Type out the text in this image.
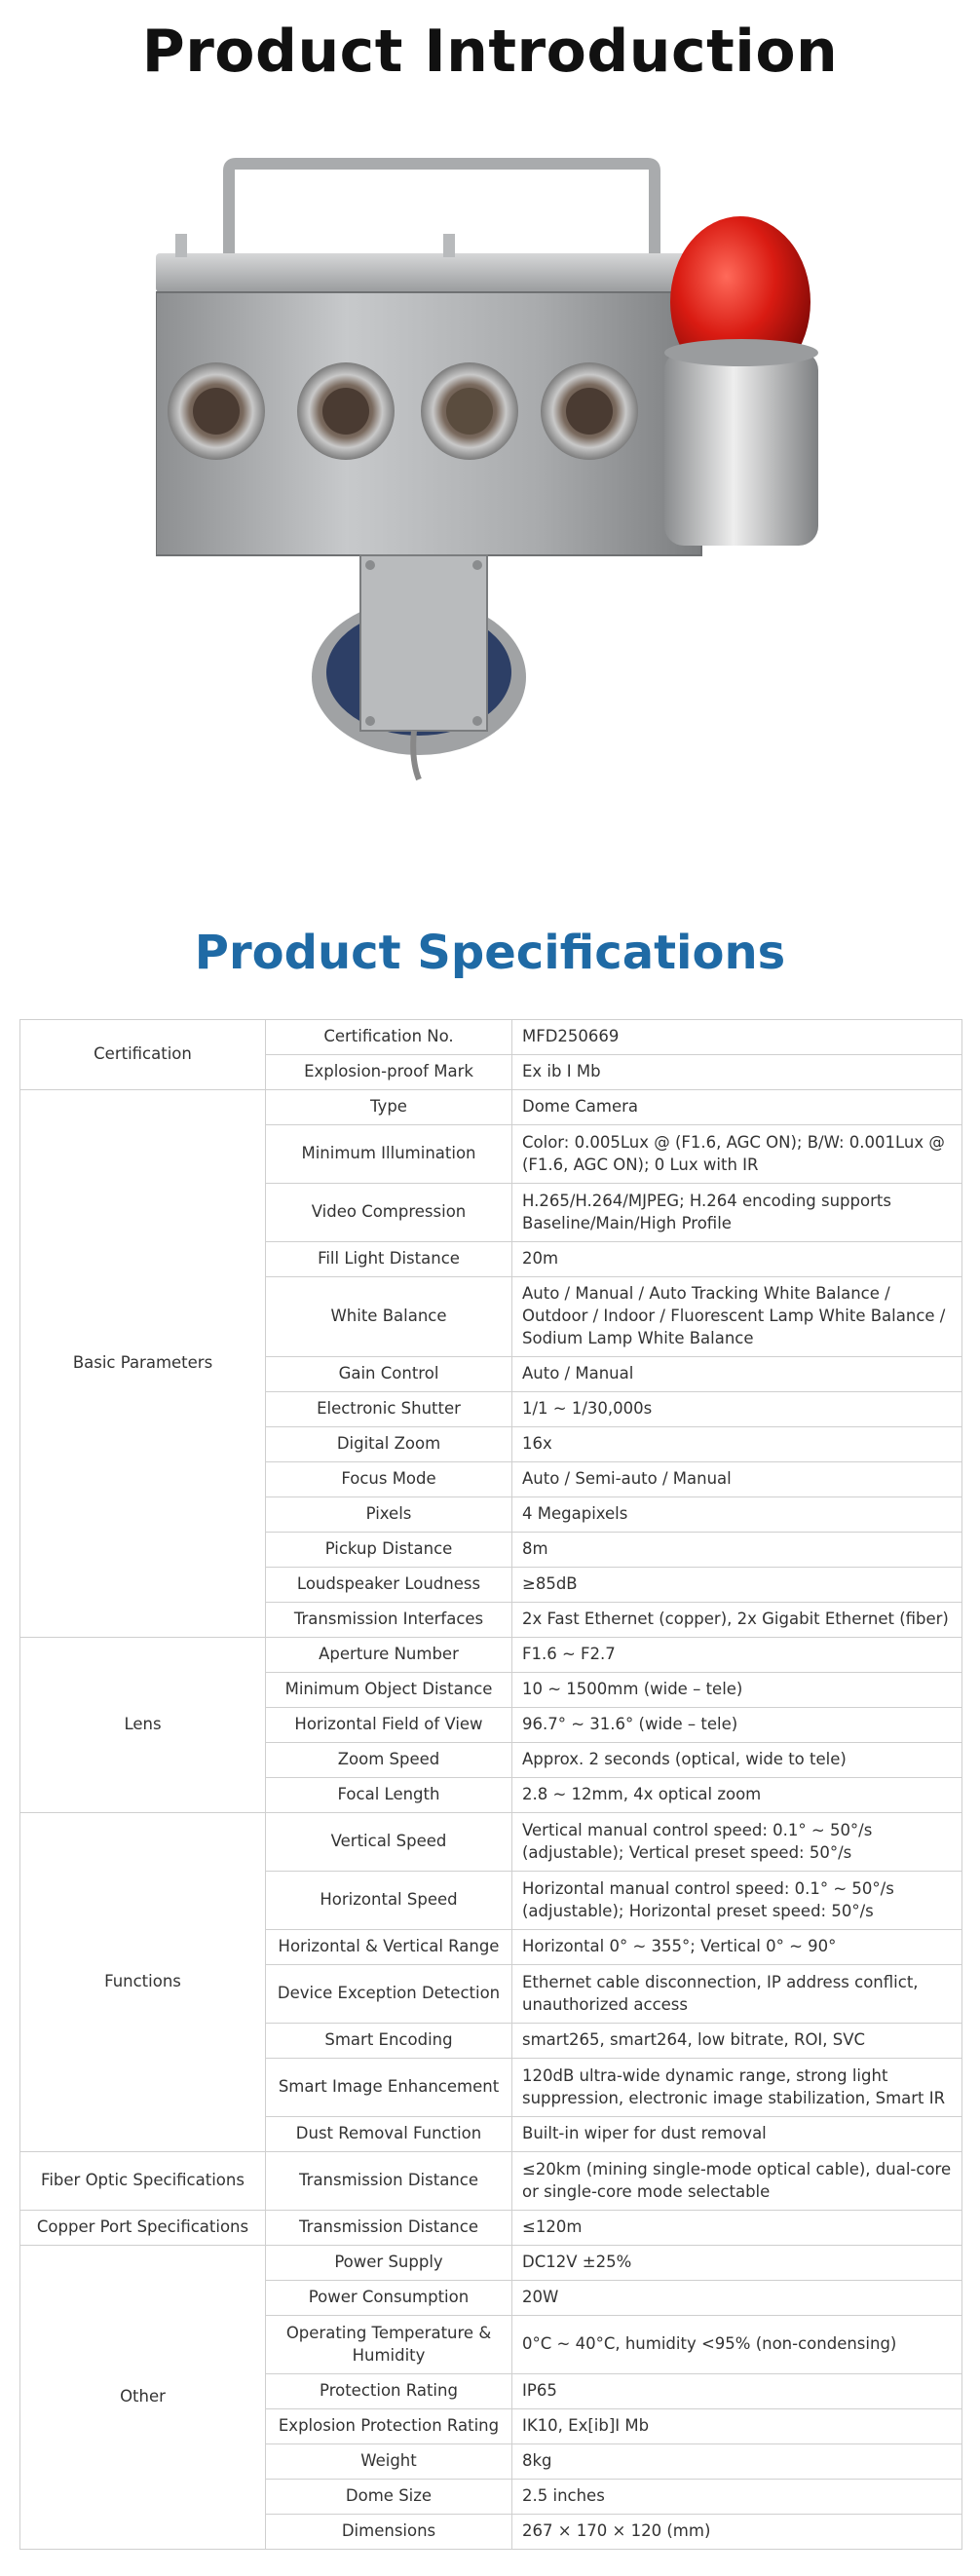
Product Introduction
Product Specifications
Certification	Certification No.	MFD250669
	Explosion-proof Mark	Ex ib I Mb
Basic Parameters	Type	Dome Camera
	Minimum Illumination	Color: 0.005Lux @ (F1.6, AGC ON); B/W: 0.001Lux @ (F1.6, AGC ON); 0 Lux with IR
	Video Compression	H.265/H.264/MJPEG; H.264 encoding supports Baseline/Main/High Profile
	Fill Light Distance	20m
	White Balance	Auto / Manual / Auto Tracking White Balance / Outdoor / Indoor / Fluorescent Lamp White Balance / Sodium Lamp White Balance
	Gain Control	Auto / Manual
	Electronic Shutter	1/1 ~ 1/30,000s
	Digital Zoom	16x
	Focus Mode	Auto / Semi-auto / Manual
	Pixels	4 Megapixels
	Pickup Distance	8m
	Loudspeaker Loudness	≥85dB
	Transmission Interfaces	2x Fast Ethernet (copper), 2x Gigabit Ethernet (fiber)
Lens	Aperture Number	F1.6 ~ F2.7
	Minimum Object Distance	10 ~ 1500mm (wide – tele)
	Horizontal Field of View	96.7° ~ 31.6° (wide – tele)
	Zoom Speed	Approx. 2 seconds (optical, wide to tele)
	Focal Length	2.8 ~ 12mm, 4x optical zoom
Functions	Vertical Speed	Vertical manual control speed: 0.1° ~ 50°/s (adjustable); Vertical preset speed: 50°/s
	Horizontal Speed	Horizontal manual control speed: 0.1° ~ 50°/s (adjustable); Horizontal preset speed: 50°/s
	Horizontal & Vertical Range	Horizontal 0° ~ 355°; Vertical 0° ~ 90°
	Device Exception Detection	Ethernet cable disconnection, IP address conflict, unauthorized access
	Smart Encoding	smart265, smart264, low bitrate, ROI, SVC
	Smart Image Enhancement	120dB ultra-wide dynamic range, strong light suppression, electronic image stabilization, Smart IR
	Dust Removal Function	Built-in wiper for dust removal
Fiber Optic Specifications	Transmission Distance	≤20km (mining single-mode optical cable), dual-core or single-core mode selectable
Copper Port Specifications	Transmission Distance	≤120m
Other	Power Supply	DC12V ±25%
	Power Consumption	20W
	Operating Temperature & Humidity	0°C ~ 40°C, humidity <95% (non-condensing)
	Protection Rating	IP65
	Explosion Protection Rating	IK10, Ex[ib]I Mb
	Weight	8kg
	Dome Size	2.5 inches
	Dimensions	267 × 170 × 120 (mm)
